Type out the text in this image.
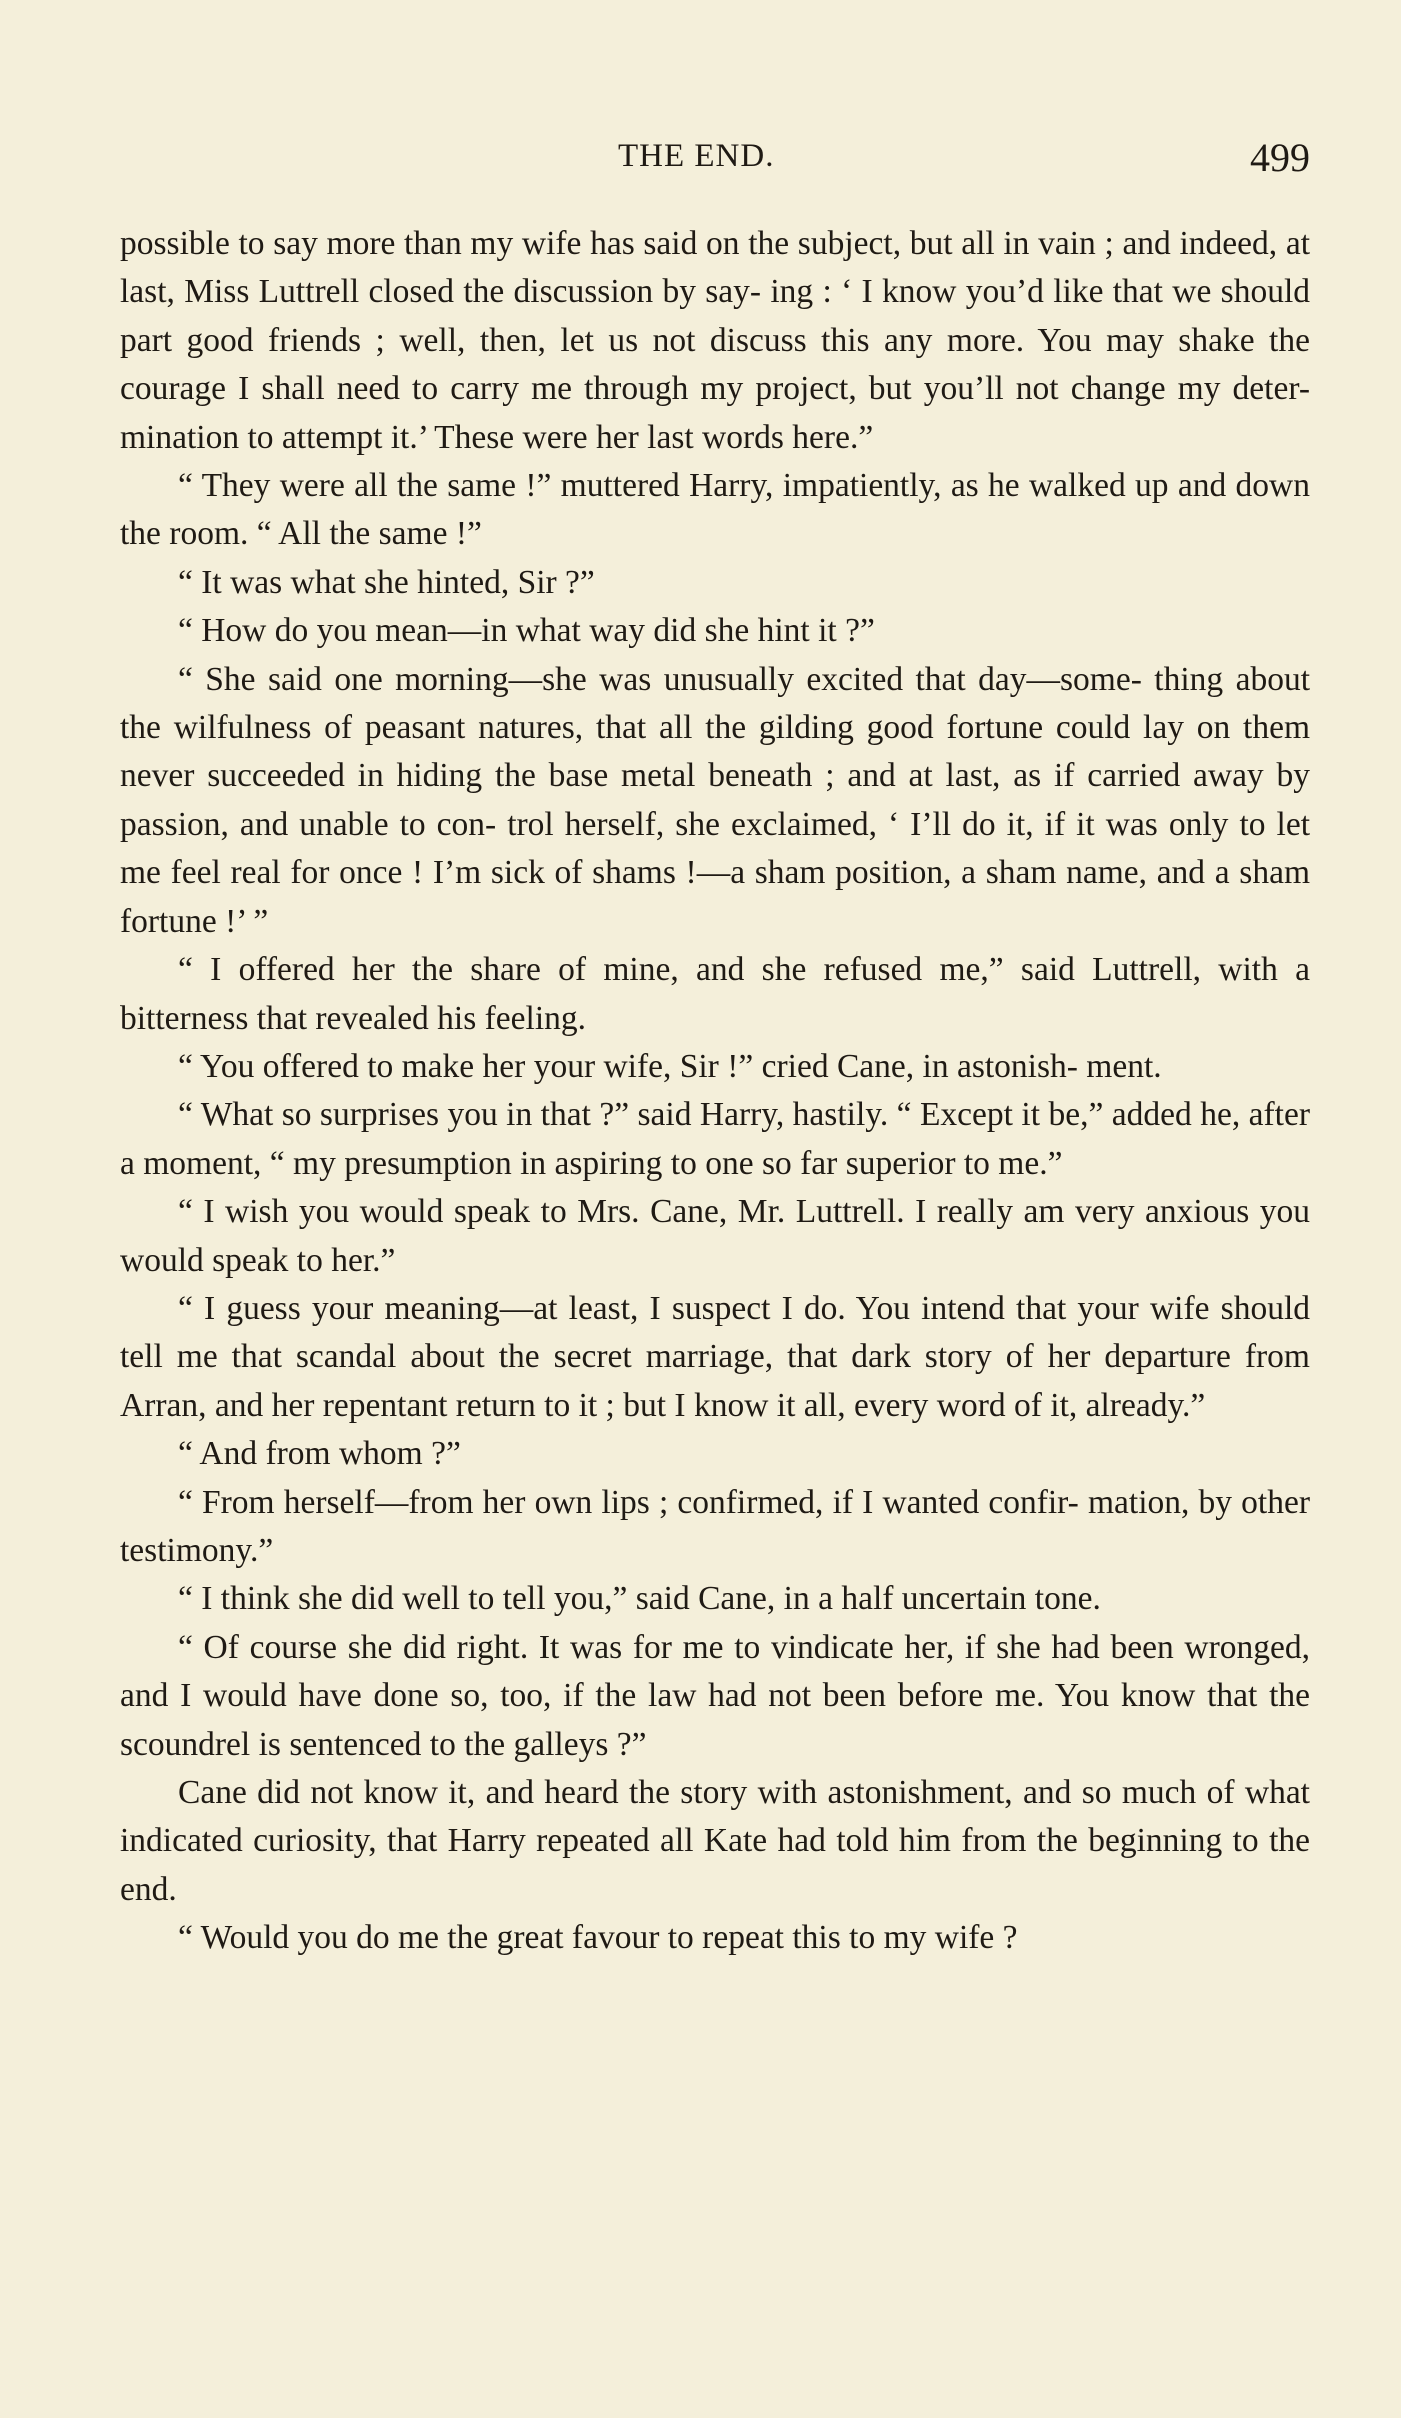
THE END.	499

possible to say more than my wife has said on the subject, but all in vain ; and indeed, at last, Miss Luttrell closed the discussion by say- ing : ‘ I know you’d like that we should part good friends ; well, then, let us not discuss this any more. You may shake the courage I shall need to carry me through my project, but you’ll not change my deter- mination to attempt it.’ These were her last words here.”

“ They were all the same !” muttered Harry, impatiently, as he walked up and down the room. “ All the same !”

“ It was what she hinted, Sir ?”

“ How do you mean—in what way did she hint it ?”

“ She said one morning—she was unusually excited that day—some- thing about the wilfulness of peasant natures, that all the gilding good fortune could lay on them never succeeded in hiding the base metal beneath ; and at last, as if carried away by passion, and unable to con- trol herself, she exclaimed, ‘ I’ll do it, if it was only to let me feel real for once ! I’m sick of shams !—a sham position, a sham name, and a sham fortune !’ ”

“ I offered her the share of mine, and she refused me,” said Luttrell, with a bitterness that revealed his feeling.

“ You offered to make her your wife, Sir !” cried Cane, in astonish- ment.

“ What so surprises you in that ?” said Harry, hastily. “ Except it be,” added he, after a moment, “ my presumption in aspiring to one so far superior to me.”

“ I wish you would speak to Mrs. Cane, Mr. Luttrell. I really am very anxious you would speak to her.”

“ I guess your meaning—at least, I suspect I do. You intend that your wife should tell me that scandal about the secret marriage, that dark story of her departure from Arran, and her repentant return to it ; but I know it all, every word of it, already.”

“ And from whom ?”

“ From herself—from her own lips ; confirmed, if I wanted confir- mation, by other testimony.”

“ I think she did well to tell you,” said Cane, in a half uncertain tone.

“ Of course she did right. It was for me to vindicate her, if she had been wronged, and I would have done so, too, if the law had not been before me. You know that the scoundrel is sentenced to the galleys ?”

Cane did not know it, and heard the story with astonishment, and so much of what indicated curiosity, that Harry repeated all Kate had told him from the beginning to the end.

“ Would you do me the great favour to repeat this to my wife ?
